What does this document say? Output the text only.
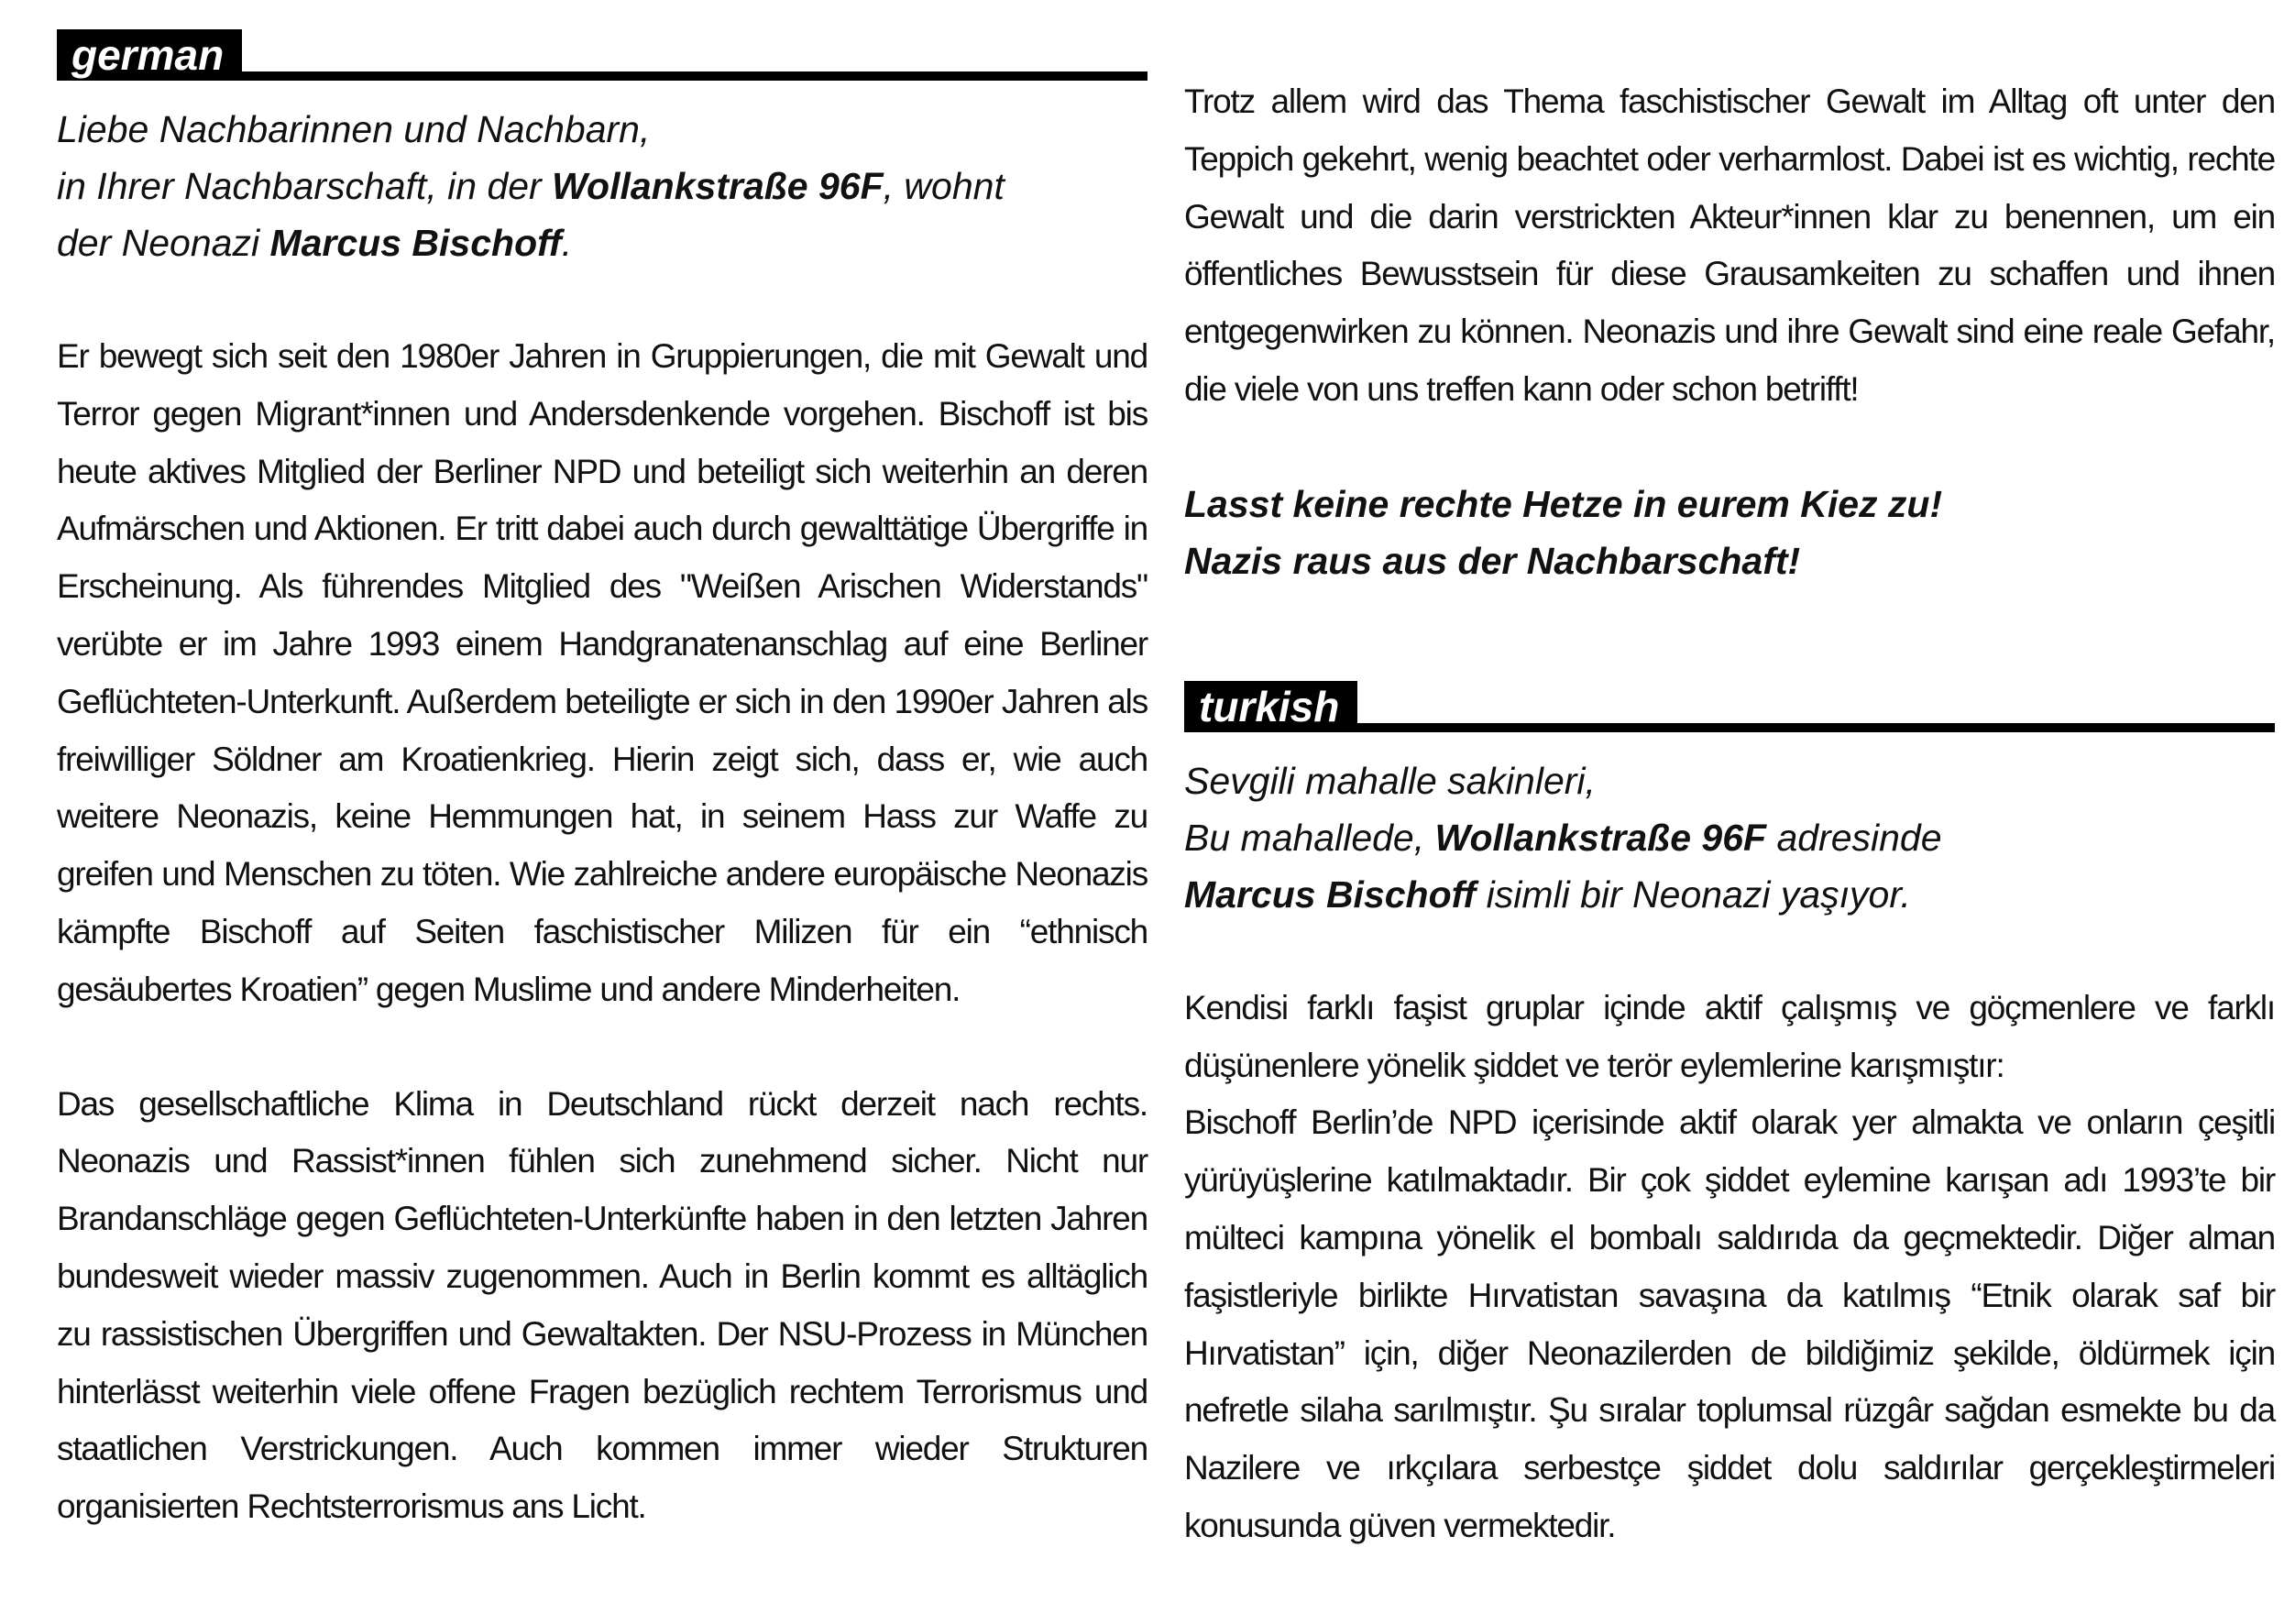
german

Liebe Nachbarinnen und Nachbarn,
in Ihrer Nachbarschaft, in der Wollankstraße 96F, wohnt
der Neonazi Marcus Bischoff.

Er bewegt sich seit den 1980er Jahren in Gruppierungen, die mit Gewalt und Terror gegen Migrant*innen und Andersdenkende vorgehen. Bischoff ist bis heute aktives Mitglied der Berliner NPD und beteiligt sich weiterhin an deren Aufmärschen und Aktionen. Er tritt dabei auch durch gewalttätige Übergriffe in Erscheinung. Als führendes Mitglied des "Weißen Arischen Widerstands" verübte er im Jahre 1993 einem Handgranatenanschlag auf eine Berliner Geflüchteten-Unterkunft. Außerdem beteiligte er sich in den 1990er Jahren als freiwilliger Söldner am Kroatienkrieg. Hierin zeigt sich, dass er, wie auch weitere Neonazis, keine Hemmungen hat, in seinem Hass zur Waffe zu greifen und Menschen zu töten. Wie zahlreiche andere europäische Neonazis kämpfte Bischoff auf Seiten faschistischer Milizen für ein “ethnisch gesäubertes Kroatien” gegen Muslime und andere Minderheiten.

Das gesellschaftliche Klima in Deutschland rückt derzeit nach rechts. Neonazis und Rassist*innen fühlen sich zunehmend sicher. Nicht nur Brandanschläge gegen Geflüchteten-Unterkünfte haben in den letzten Jahren bundesweit wieder massiv zugenommen. Auch in Berlin kommt es alltäglich zu rassistischen Übergriffen und Gewaltakten. Der NSU-Prozess in München hinterlässt weiterhin viele offene Fragen bezüglich rechtem Terrorismus und staatlichen Verstrickungen. Auch kommen immer wieder Strukturen organisierten Rechtsterrorismus ans Licht.

Trotz allem wird das Thema faschistischer Gewalt im Alltag oft unter den Teppich gekehrt, wenig beachtet oder verharmlost. Dabei ist es wichtig, rechte Gewalt und die darin verstrickten Akteur*innen klar zu benennen, um ein öffentliches Bewusstsein für diese Grausamkeiten zu schaffen und ihnen entgegenwirken zu können. Neonazis und ihre Gewalt sind eine reale Gefahr, die viele von uns treffen kann oder schon betrifft!

Lasst keine rechte Hetze in eurem Kiez zu!

Nazis raus aus der Nachbarschaft!

turkish

Sevgili mahalle sakinleri,
Bu mahallede, Wollankstraße 96F adresinde
Marcus Bischoff isimli bir Neonazi yaşıyor.

Kendisi farklı faşist gruplar içinde aktif çalışmış ve göçmenlere ve farklı düşünenlere yönelik şiddet ve terör eylemlerine karışmıştır:

Bischoff Berlin’de NPD içerisinde aktif olarak yer almakta ve onların çeşitli yürüyüşlerine katılmaktadır. Bir çok şiddet eylemine karışan adı 1993’te bir mülteci kampına yönelik el bombalı saldırıda da geçmektedir. Diğer alman faşistleriyle birlikte Hırvatistan savaşına da katılmış “Etnik olarak saf bir Hırvatistan” için, diğer Neonazilerden de bildiğimiz şekilde, öldürmek için nefretle silaha sarılmıştır. Şu sıralar toplumsal rüzgâr sağdan esmekte bu da Nazilere ve ırkçılara serbestçe şiddet dolu saldırılar gerçekleştirmeleri konusunda güven vermektedir.
